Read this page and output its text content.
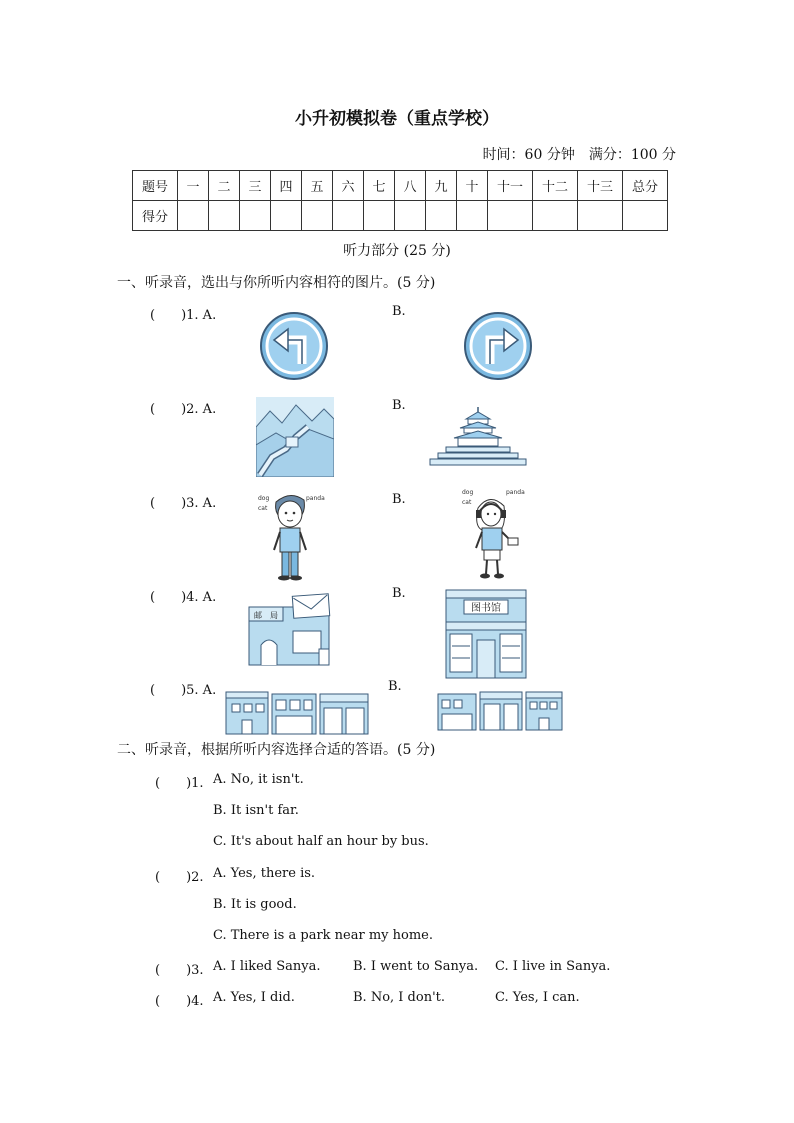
小升初模拟卷（重点学校）
时间：60 分钟　满分：100 分
题号	一	二	三	四	五	六	七	八	九	十	十一	十二	十三	总分
得分														
听力部分 (25 分)
一、听录音，选出与你所听内容相符的图片。(5 分)
(　　)1. A.	B.
(　　)2. A.	B.
(　　)3. A.	B.
dog
cat
panda
dog
cat
panda
(　　)4. A.	B.
邮　局
图书馆
(　　)5. A.	B.
二、听录音，根据所听内容选择合适的答语。(5 分)
(　　)1. A. No, it isn't.
B. It isn't far.
C. It's about half an hour by bus.
(　　)2. A. Yes, there is.
B. It is good.
C. There is a park near my home.
(　　)3. A. I liked Sanya. B. I went to Sanya. C. I live in Sanya.
(　　)4. A. Yes, I did.	B. No, I don't.	C. Yes, I can.
